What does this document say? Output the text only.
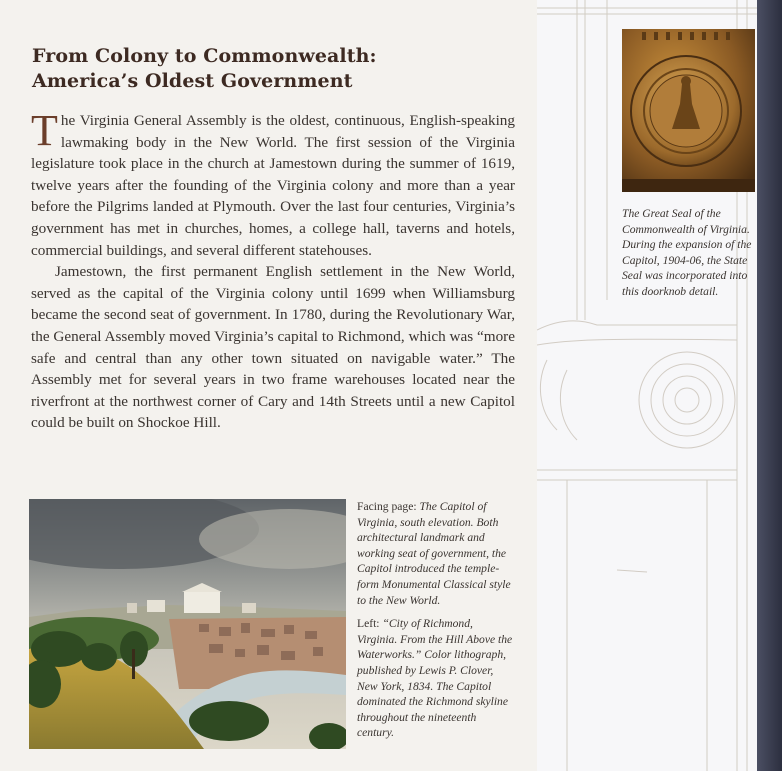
From Colony to Commonwealth:
America’s Oldest Government

The Virginia General Assembly is the oldest, continuous, English-speaking lawmaking body in the New World. The first session of the Virginia legislature took place in the church at Jamestown during the summer of 1619, twelve years after the founding of the Virginia colony and more than a year before the Pilgrims landed at Plymouth. Over the last four centuries, Virginia’s government has met in churches, homes, a college hall, taverns and hotels, commercial buildings, and several different statehouses.

Jamestown, the first permanent English settlement in the New World, served as the capital of the Virginia colony until 1699 when Williamsburg became the second seat of government. In 1780, during the Revolutionary War, the General Assembly moved Virginia’s capital to Richmond, which was “more safe and central than any other town situated on navigable water.” The Assembly met for several years in two frame warehouses located near the riverfront at the northwest corner of Cary and 14th Streets until a new Capitol could be built on Shockoe Hill.

Facing page: The Capitol of Virginia, south elevation. Both architectural landmark and working seat of government, the Capitol introduced the temple-form Monumental Classical style to the New World.

Left: “City of Richmond, Virginia. From the Hill Above the Waterworks.” Color lithograph, published by Lewis P. Clover, New York, 1834. The Capitol dominated the Richmond skyline throughout the nineteenth century.

The Great Seal of the Commonwealth of Virginia. During the expansion of the Capitol, 1904-06, the State Seal was incorporated into this doorknob detail.
